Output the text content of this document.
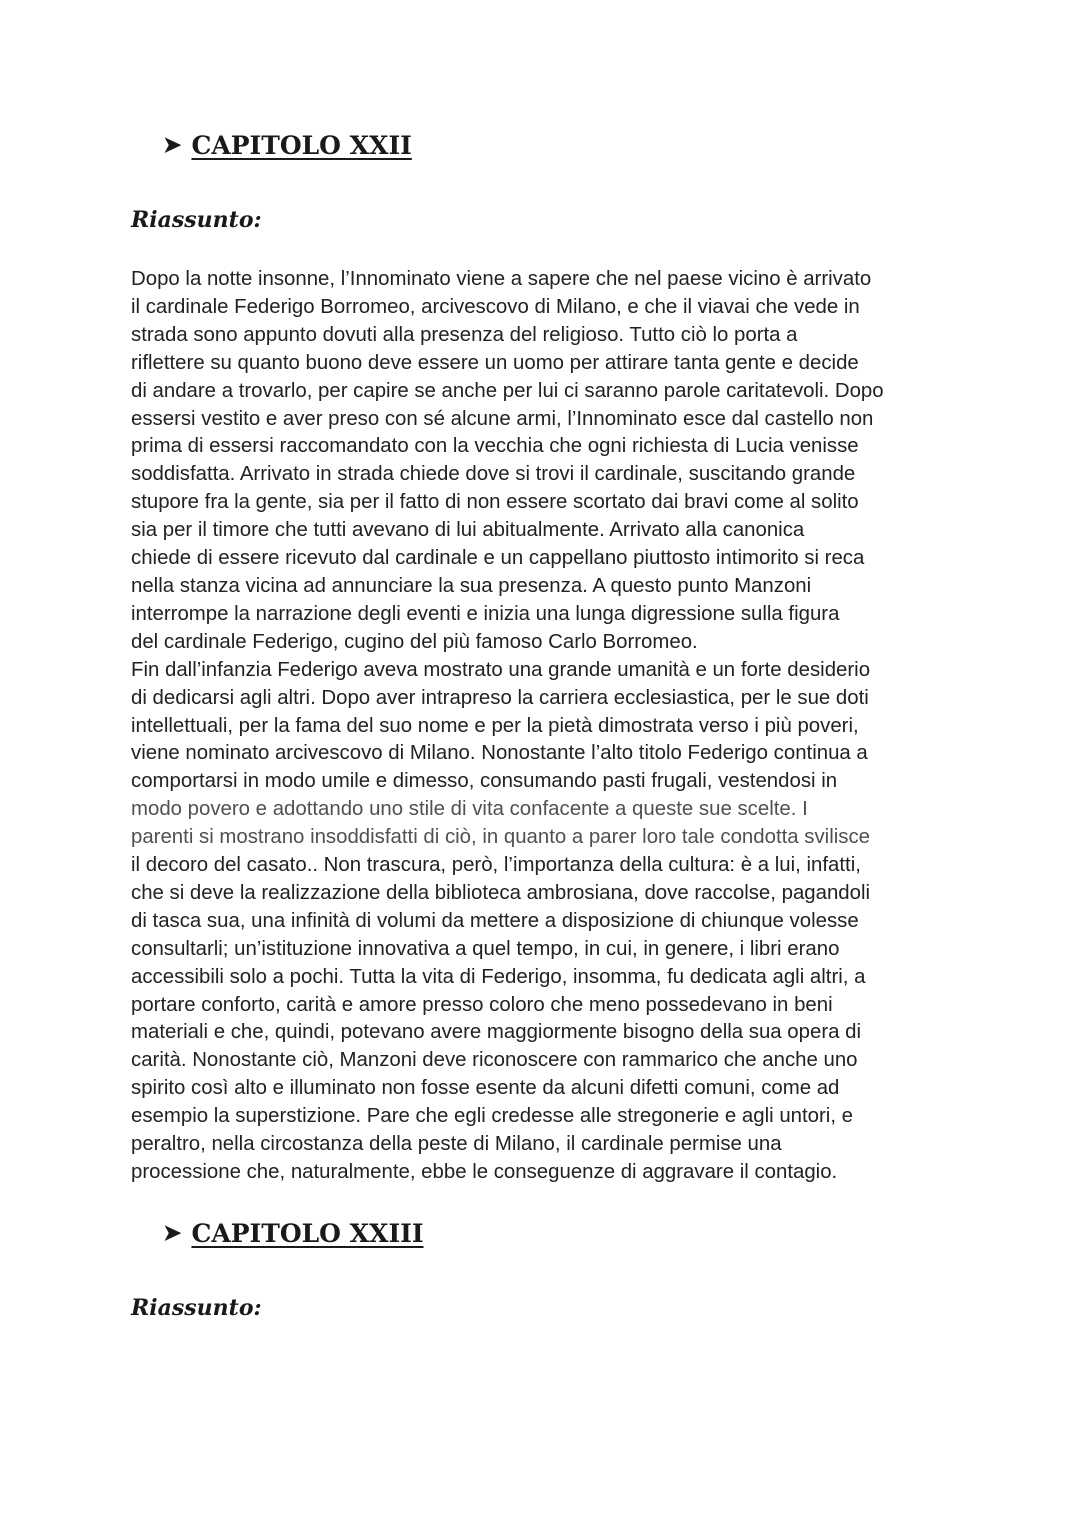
➤ CAPITOLO XXII
Riassunto:
Dopo la notte insonne, l’Innominato viene a sapere che nel paese vicino è arrivato
il cardinale Federigo Borromeo, arcivescovo di Milano, e che il viavai che vede in
strada sono appunto dovuti alla presenza del religioso. Tutto ciò lo porta a
riflettere su quanto buono deve essere un uomo per attirare tanta gente e decide
di andare a trovarlo, per capire se anche per lui ci saranno parole caritatevoli. Dopo
essersi vestito e aver preso con sé alcune armi, l’Innominato esce dal castello non
prima di essersi raccomandato con la vecchia che ogni richiesta di Lucia venisse
soddisfatta. Arrivato in strada chiede dove si trovi il cardinale, suscitando grande
stupore fra la gente, sia per il fatto di non essere scortato dai bravi come al solito
sia per il timore che tutti avevano di lui abitualmente. Arrivato alla canonica
chiede di essere ricevuto dal cardinale e un cappellano piuttosto intimorito si reca
nella stanza vicina ad annunciare la sua presenza. A questo punto Manzoni
interrompe la narrazione degli eventi e inizia una lunga digressione sulla figura
del cardinale Federigo, cugino del più famoso Carlo Borromeo.
Fin dall’infanzia Federigo aveva mostrato una grande umanità e un forte desiderio
di dedicarsi agli altri. Dopo aver intrapreso la carriera ecclesiastica, per le sue doti
intellettuali, per la fama del suo nome e per la pietà dimostrata verso i più poveri,
viene nominato arcivescovo di Milano. Nonostante l’alto titolo Federigo continua a
comportarsi in modo umile e dimesso, consumando pasti frugali, vestendosi in
modo povero e adottando uno stile di vita confacente a queste sue scelte. I
parenti si mostrano insoddisfatti di ciò, in quanto a parer loro tale condotta svilisce
il decoro del casato.. Non trascura, però, l’importanza della cultura: è a lui, infatti,
che si deve la realizzazione della biblioteca ambrosiana, dove raccolse, pagandoli
di tasca sua, una infinità di volumi da mettere a disposizione di chiunque volesse
consultarli; un’istituzione innovativa a quel tempo, in cui, in genere, i libri erano
accessibili solo a pochi. Tutta la vita di Federigo, insomma, fu dedicata agli altri, a
portare conforto, carità e amore presso coloro che meno possedevano in beni
materiali e che, quindi, potevano avere maggiormente bisogno della sua opera di
carità. Nonostante ciò, Manzoni deve riconoscere con rammarico che anche uno
spirito così alto e illuminato non fosse esente da alcuni difetti comuni, come ad
esempio la superstizione. Pare che egli credesse alle stregonerie e agli untori, e
peraltro, nella circostanza della peste di Milano, il cardinale permise una
processione che, naturalmente, ebbe le conseguenze di aggravare il contagio.
➤ CAPITOLO XXIII
Riassunto:
